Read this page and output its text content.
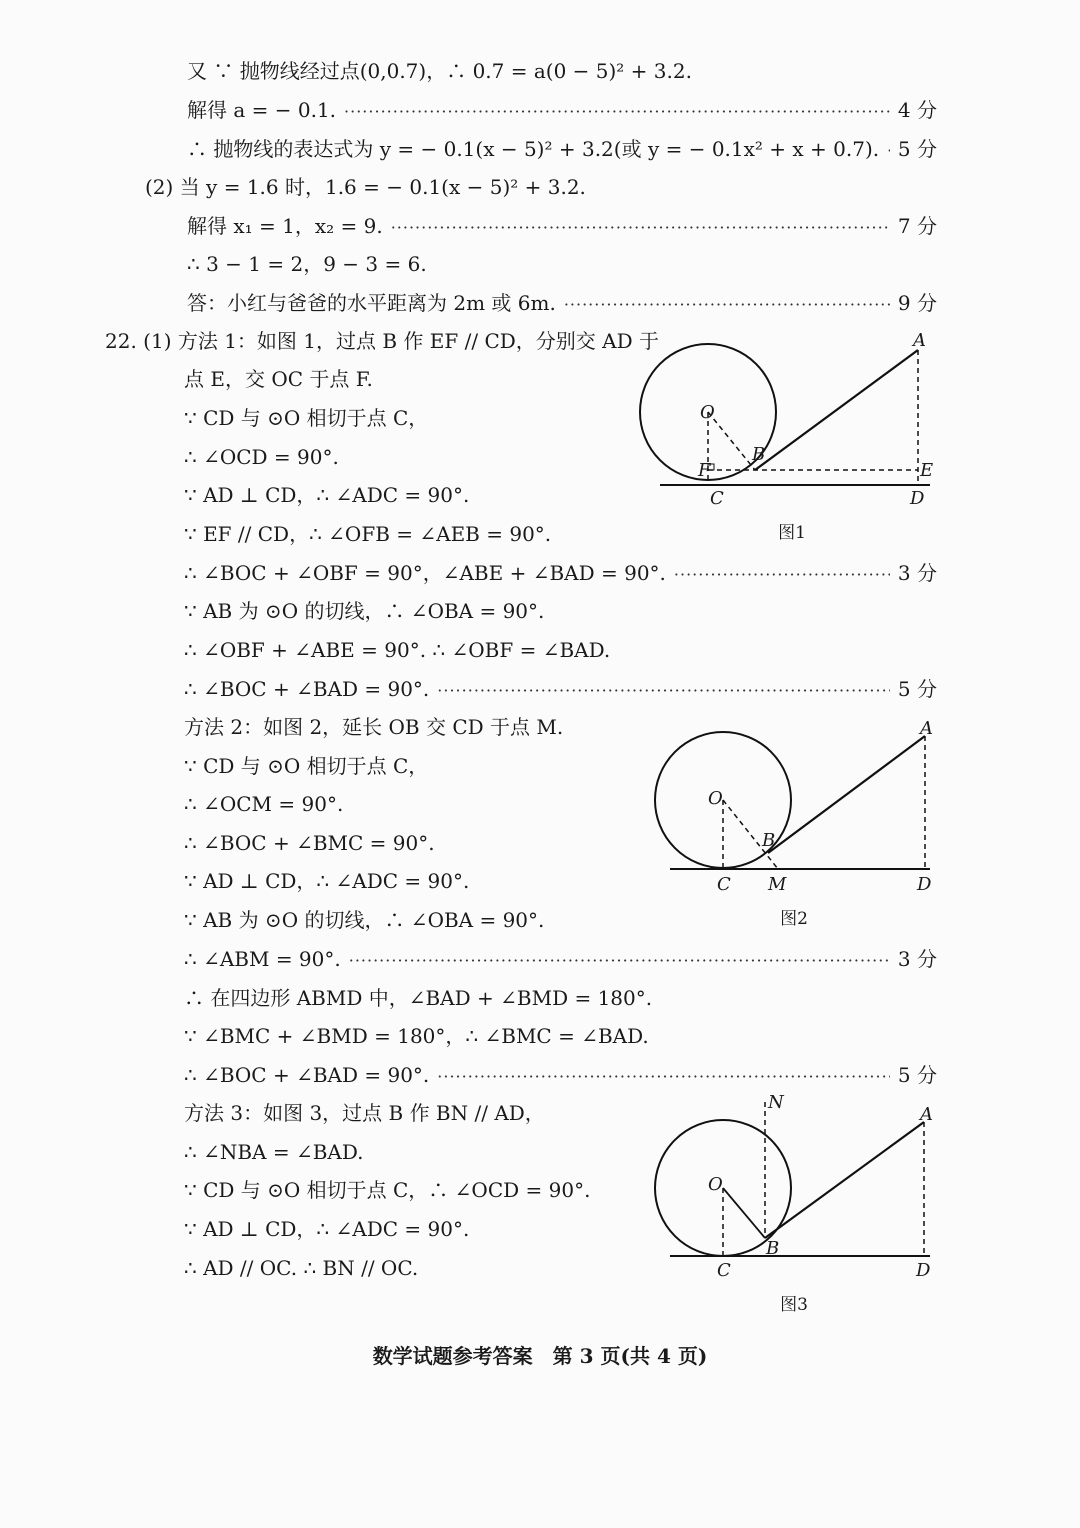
又 ∵ 抛物线经过点(0,0.7)，∴ 0.7 = a(0 − 5)² + 3.2.
解得 a = − 0.1. ·····	4 分
∴ 抛物线的表达式为 y = − 0.1(x − 5)² + 3.2(或 y = − 0.1x² + x + 0.7). ····· 5 分
(2) 当 y = 1.6 时，1.6 = − 0.1(x − 5)² + 3.2.
解得 x₁ = 1，x₂ = 9. ·····	7 分
∴ 3 − 1 = 2，9 − 3 = 6.
答：小红与爸爸的水平距离为 2m 或 6m. ·····	9 分
22. (1) 方法 1：如图 1，过点 B 作 EF // CD，分别交 AD 于
点 E，交 OC 于点 F.
∵ CD 与 ⊙O 相切于点 C，
∴ ∠OCD = 90°.
∵ AD ⊥ CD，∴ ∠ADC = 90°.
∵ EF // CD，∴ ∠OFB = ∠AEB = 90°.
∴ ∠BOC + ∠OBF = 90°，∠ABE + ∠BAD = 90°. ·····	3 分
∵ AB 为 ⊙O 的切线，∴ ∠OBA = 90°.
∴ ∠OBF + ∠ABE = 90°. ∴ ∠OBF = ∠BAD.
∴ ∠BOC + ∠BAD = 90°. ·····	5 分
方法 2：如图 2，延长 OB 交 CD 于点 M.
∵ CD 与 ⊙O 相切于点 C，
∴ ∠OCM = 90°.
∴ ∠BOC + ∠BMC = 90°.
∵ AD ⊥ CD，∴ ∠ADC = 90°.
∵ AB 为 ⊙O 的切线，∴ ∠OBA = 90°.
∴ ∠ABM = 90°. ·····	3 分
∴ 在四边形 ABMD 中，∠BAD + ∠BMD = 180°.
∵ ∠BMC + ∠BMD = 180°，∴ ∠BMC = ∠BAD.
∴ ∠BOC + ∠BAD = 90°. ·····	5 分
方法 3：如图 3，过点 B 作 BN // AD，
∴ ∠NBA = ∠BAD.
∵ CD 与 ⊙O 相切于点 C，∴ ∠OCD = 90°.
∵ AD ⊥ CD，∴ ∠ADC = 90°.
∴ AD // OC. ∴ BN // OC.
A
O
B
F	E
C	D
图1
A
O
B
C M	D
图2
N
A
O
B
C	D
图3
数学试题参考答案　第 3 页(共 4 页)
